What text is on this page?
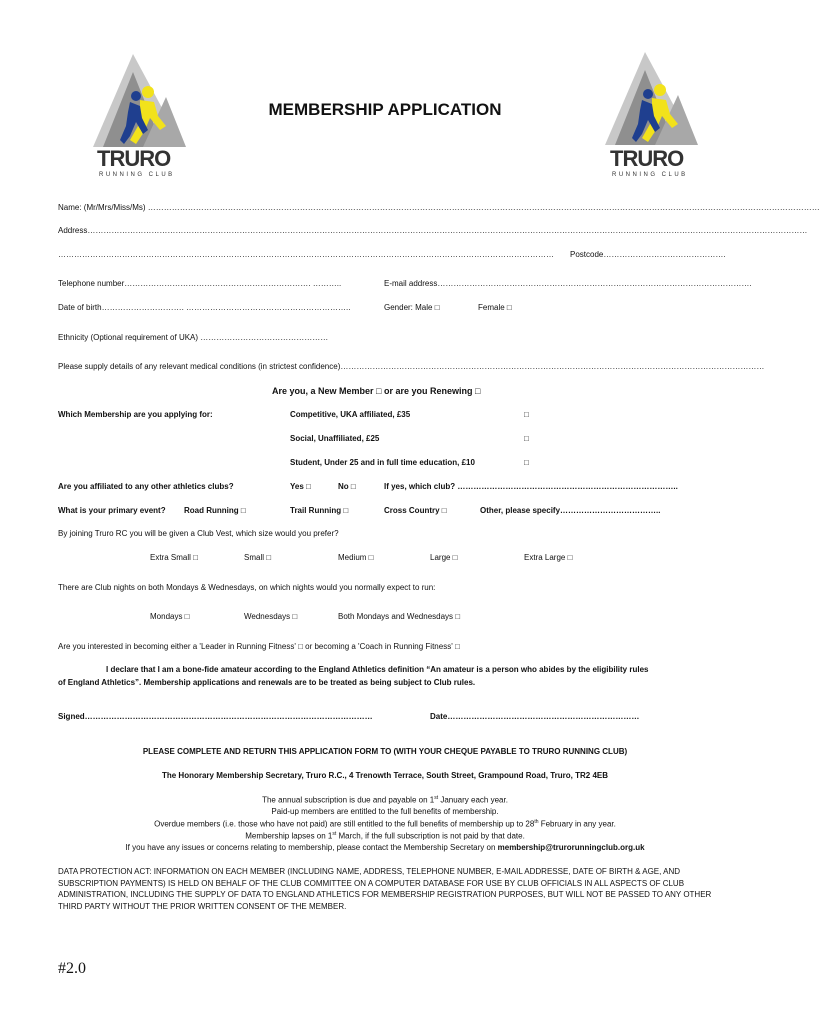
TRURO
RUNNING CLUB
TRURO
RUNNING CLUB
MEMBERSHIP APPLICATION
Name: (Mr/Mrs/Miss/Ms) ………………………………………………………………………………………………………………………………………………………………………………………………………………………………
Address………………………………………………………………………………………………………………………………………………………………………………………………………………………………………………
……………………………………………………………………………………………………………………………………………………………………	Postcode……………………………………….
Telephone number……………………………………………………………. ………..	E-mail address……………………………………………………………………………………………………….
Date of birth…………………………. ……………………………………………………..	Gender: Male □	Female □
Ethnicity (Optional requirement of UKA) …………………………………………
Please supply details of any relevant medical conditions (in strictest confidence)……………………………………………………………………………………………………………………………………………
Are you, a New Member □ or are you Renewing □
Which Membership are you applying for:	Competitive, UKA affiliated, £35	□
Social, Unaffiliated, £25	□
Student, Under 25 and in full time education, £10	□
Are you affiliated to any other athletics clubs?	Yes □	No □	If yes, which club? ………………………………………………………………………..
What is your primary event? Road Running □	Trail Running □	Cross Country □	Other, please specify………………………………..
By joining Truro RC you will be given a Club Vest, which size would you prefer?
Extra Small □	Small □	Medium □	Large □	Extra Large □
There are Club nights on both Mondays & Wednesdays, on which nights would you normally expect to run:
Mondays □	Wednesdays □	Both Mondays and Wednesdays □
Are you interested in becoming either a 'Leader in Running Fitness' □ or becoming a 'Coach in Running Fitness' □
I declare that I am a bone-fide amateur according to the England Athletics definition “An amateur is a person who abides by the eligibility rules
of England Athletics”. Membership applications and renewals are to be treated as being subject to Club rules.
Signed………………………………………………………………………………………………	Date………………………………………………………………
PLEASE COMPLETE AND RETURN THIS APPLICATION FORM TO (WITH YOUR CHEQUE PAYABLE TO TRURO RUNNING CLUB)
The Honorary Membership Secretary, Truro R.C., 4 Trenowth Terrace, South Street, Grampound Road, Truro, TR2 4EB
The annual subscription is due and payable on 1st January each year.
Paid-up members are entitled to the full benefits of membership.
Overdue members (i.e. those who have not paid) are still entitled to the full benefits of membership up to 28th February in any year.
Membership lapses on 1st March, if the full subscription is not paid by that date.
If you have any issues or concerns relating to membership, please contact the Membership Secretary on membership@trurorunningclub.org.uk
DATA PROTECTION ACT: INFORMATION ON EACH MEMBER (INCLUDING NAME, ADDRESS, TELEPHONE NUMBER, E-MAIL ADDRESSE, DATE OF BIRTH & AGE, AND SUBSCRIPTION PAYMENTS) IS HELD ON BEHALF OF THE CLUB COMMITTEE ON A COMPUTER DATABASE FOR USE BY CLUB OFFICIALS IN ALL ASPECTS OF CLUB ADMINISTRATION, INCLUDING THE SUPPLY OF DATA TO ENGLAND ATHLETICS FOR MEMBERSHIP REGISTRATION PURPOSES, BUT WILL NOT BE PASSED TO ANY OTHER THIRD PARTY WITHOUT THE PRIOR WRITTEN CONSENT OF THE MEMBER.
#2.0
